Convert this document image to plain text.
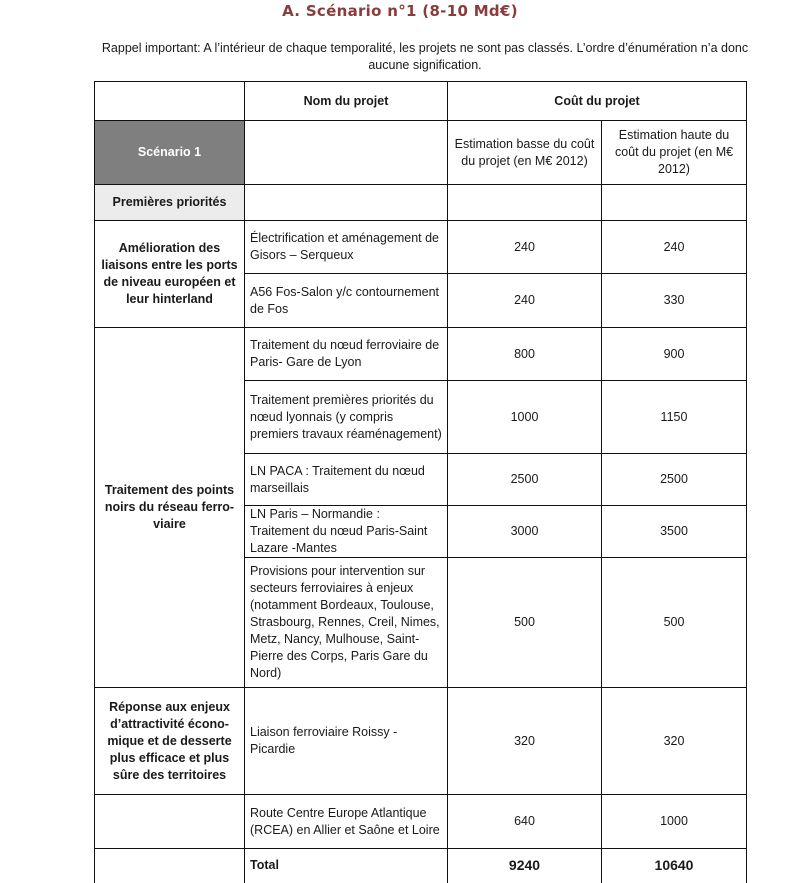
A. Scénario n°1 (8-10 Md€)
Rappel important: A l’intérieur de chaque temporalité, les projets ne sont pas classés. L’ordre d’énumération n’a donc aucune signification.
	Nom du projet	Coût du projet	
Scénario 1		Estimation basse du coût du projet (en M€ 2012)	Estimation haute du coût du projet (en M€ 2012)
Premières priorités			
Amélioration des liaisons entre les ports de niveau européen et leur hinterland	Électrification et aménagement de Gisors – Serqueux	240	240
	A56 Fos-Salon y/c contournement de Fos	240	330
Traitement des points noirs du réseau ferro-viaire	Traitement du nœud ferroviaire de Paris- Gare de Lyon	800	900
	Traitement premières priorités du nœud lyonnais (y compris premiers travaux réaménagement)	1000	1150
	LN PACA : Traitement du nœud marseillais	2500	2500
	LN Paris – Normandie : Traitement du nœud Paris-Saint Lazare -Mantes	3000	3500
	Provisions pour intervention sur secteurs ferroviaires à enjeux (notamment Bordeaux, Toulouse, Strasbourg, Rennes, Creil, Nimes, Metz, Nancy, Mulhouse, Saint-Pierre des Corps, Paris Gare du Nord)	500	500
Réponse aux enjeux d’attractivité écono-mique et de desserte plus efficace et plus sûre des territoires	Liaison ferroviaire Roissy - Picardie	320	320
	Route Centre Europe Atlantique (RCEA) en Allier et Saône et Loire	640	1000
	Total	9240	10640
